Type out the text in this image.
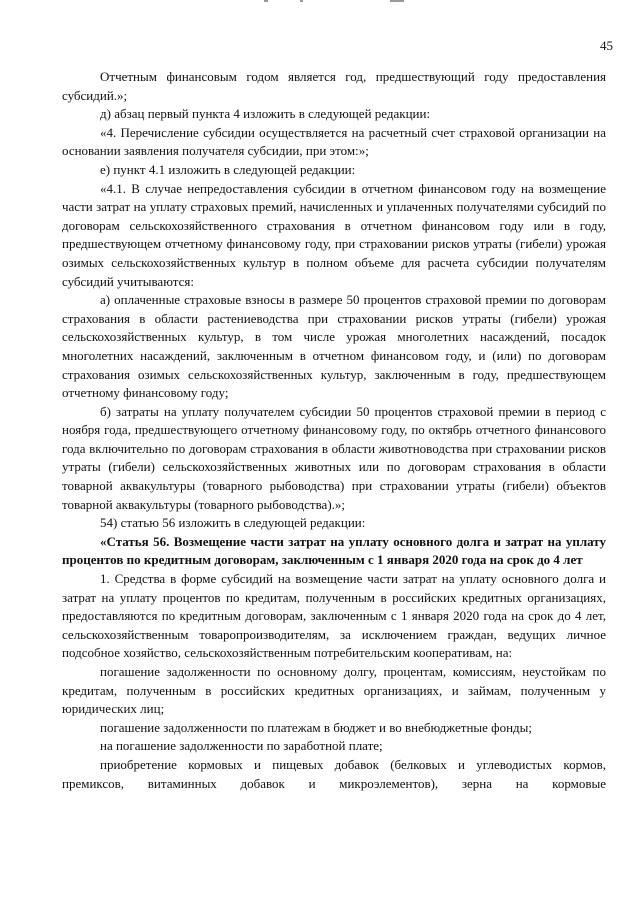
45

Отчетным финансовым годом является год, предшествующий году предоставления субсидий.»;

д) абзац первый пункта 4 изложить в следующей редакции:

«4. Перечисление субсидии осуществляется на расчетный счет страховой организации на основании заявления получателя субсидии, при этом:»;

е) пункт 4.1 изложить в следующей редакции:

«4.1. В случае непредоставления субсидии в отчетном финансовом году на возмещение части затрат на уплату страховых премий, начисленных и уплаченных получателями субсидий по договорам сельскохозяйственного страхования в отчетном финансовом году или в году, предшествующем отчетному финансовому году, при страховании рисков утраты (гибели) урожая озимых сельскохозяйственных культур в полном объеме для расчета субсидии получателям субсидий учитываются:

а) оплаченные страховые взносы в размере 50 процентов страховой премии по договорам страхования в области растениеводства при страховании рисков утраты (гибели) урожая сельскохозяйственных культур, в том числе урожая многолетних насаждений, посадок многолетних насаждений, заключенным в отчетном финансовом году, и (или) по договорам страхования озимых сельскохозяйственных культур, заключенным в году, предшествующем отчетному финансовому году;

б) затраты на уплату получателем субсидии 50 процентов страховой премии в период с ноября года, предшествующего отчетному финансовому году, по октябрь отчетного финансового года включительно по договорам страхования в области животноводства при страховании рисков утраты (гибели) сельскохозяйственных животных или по договорам страхования в области товарной аквакультуры (товарного рыбоводства) при страховании утраты (гибели) объектов товарной аквакультуры (товарного рыбоводства).»;

54) статью 56 изложить в следующей редакции:

«Статья 56. Возмещение части затрат на уплату основного долга и затрат на уплату процентов по кредитным договорам, заключенным с 1 января 2020 года на срок до 4 лет

1. Средства в форме субсидий на возмещение части затрат на уплату основного долга и затрат на уплату процентов по кредитам, полученным в российских кредитных организациях, предоставляются по кредитным договорам, заключенным с 1 января 2020 года на срок до 4 лет, сельскохозяйственным товаропроизводителям, за исключением граждан, ведущих личное подсобное хозяйство, сельскохозяйственным потребительским кооперативам, на:

погашение задолженности по основному долгу, процентам, комиссиям, неустойкам по кредитам, полученным в российских кредитных организациях, и займам, полученным у юридических лиц;

погашение задолженности по платежам в бюджет и во внебюджетные фонды;

на погашение задолженности по заработной плате;

приобретение кормовых и пищевых добавок (белковых и углеводистых кормов, премиксов, витаминных добавок и микроэлементов), зерна на кормовые
